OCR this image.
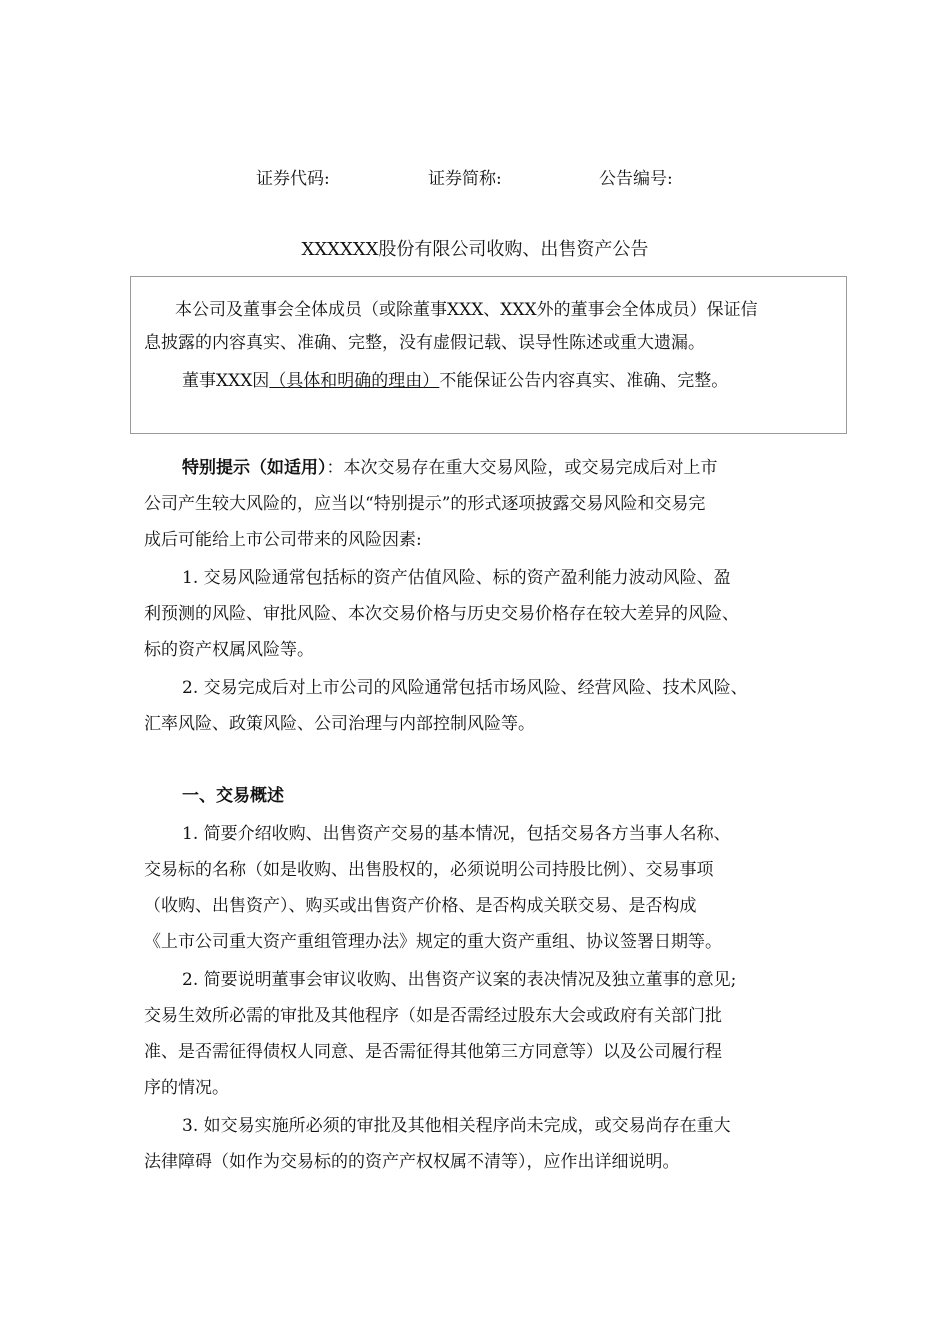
证券代码:	证券简称:	公告编号:
XXXXXX股份有限公司收购、出售资产公告
本公司及董事会全体成员（或除董事XXX、XXX外的董事会全体成员）保证信
息披露的内容真实、准确、完整，没有虚假记载、误导性陈述或重大遗漏。
董事XXX因（具体和明确的理由）不能保证公告内容真实、准确、完整。
特别提示（如适用）：本次交易存在重大交易风险，或交易完成后对上市
公司产生较大风险的，应当以“特别提示”的形式逐项披露交易风险和交易完
成后可能给上市公司带来的风险因素:
1. 交易风险通常包括标的资产估值风险、标的资产盈利能力波动风险、盈
利预测的风险、审批风险、本次交易价格与历史交易价格存在较大差异的风险、
标的资产权属风险等。
2. 交易完成后对上市公司的风险通常包括市场风险、经营风险、技术风险、
汇率风险、政策风险、公司治理与内部控制风险等。
一、交易概述
1. 简要介绍收购、出售资产交易的基本情况，包括交易各方当事人名称、
交易标的名称（如是收购、出售股权的，必须说明公司持股比例）、交易事项
（收购、出售资产）、购买或出售资产价格、是否构成关联交易、是否构成
《上市公司重大资产重组管理办法》规定的重大资产重组、协议签署日期等。
2. 简要说明董事会审议收购、出售资产议案的表决情况及独立董事的意见;
交易生效所必需的审批及其他程序（如是否需经过股东大会或政府有关部门批
准、是否需征得债权人同意、是否需征得其他第三方同意等）以及公司履行程
序的情况。
3. 如交易实施所必须的审批及其他相关程序尚未完成，或交易尚存在重大
法律障碍（如作为交易标的的资产产权权属不清等），应作出详细说明。
